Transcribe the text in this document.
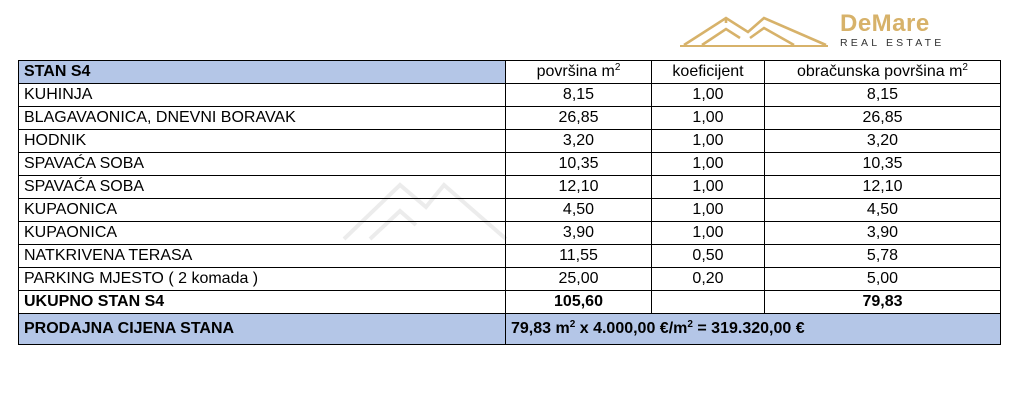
DeMare
REAL ESTATE
STAN S4	površina $m^2$	koeficijent	obračunska površina $m^2$
KUHINJA	8,15	1,00	8,15
BLAGAVAONICA, DNEVNI BORAVAK	26,85	1,00	26,85
HODNIK	3,20	1,00	3,20
SPAVAĆA SOBA	10,35	1,00	10,35
SPAVAĆA SOBA	12,10	1,00	12,10
KUPAONICA	4,50	1,00	4,50
KUPAONICA	3,90	1,00	3,90
NATKRIVENA TERASA	11,55	0,50	5,78
PARKING MJESTO ( 2 komada )	25,00	0,20	5,00
UKUPNO STAN S4	105,60		79,83
PRODAJNA CIJENA STANA	79,83 $m^2$ x 4.000,00 $€/m^2 = 319.320,00$ €		
